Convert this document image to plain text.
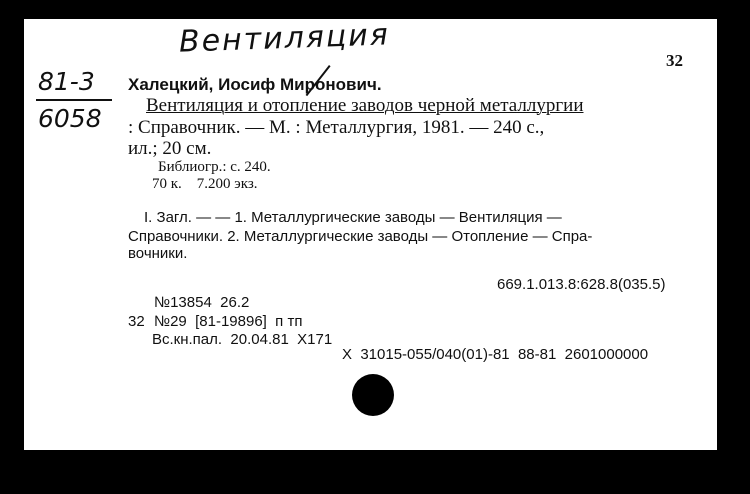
Вентиляция
81-3
6058
32
Халецкий, Иосиф Миронович.
Вентиляция и отопление заводов черной металлургии
: Справочник. — М. : Металлургия, 1981. — 240 с.,
ил.; 20 см.
Библиогр.: с. 240.
70 к.    7.200 экз.
I. Загл. — — 1. Металлургические заводы — Вентиляция —
Справочники. 2. Металлургические заводы — Отопление — Спра-
вочники.
669.1.013.8:628.8(035.5)
№13854  26.2
32 №29  [81-19896]  п тп
Вс.кн.пал.  20.04.81  Х171
X  31015-055/040(01)-81  88-81  2601000000
